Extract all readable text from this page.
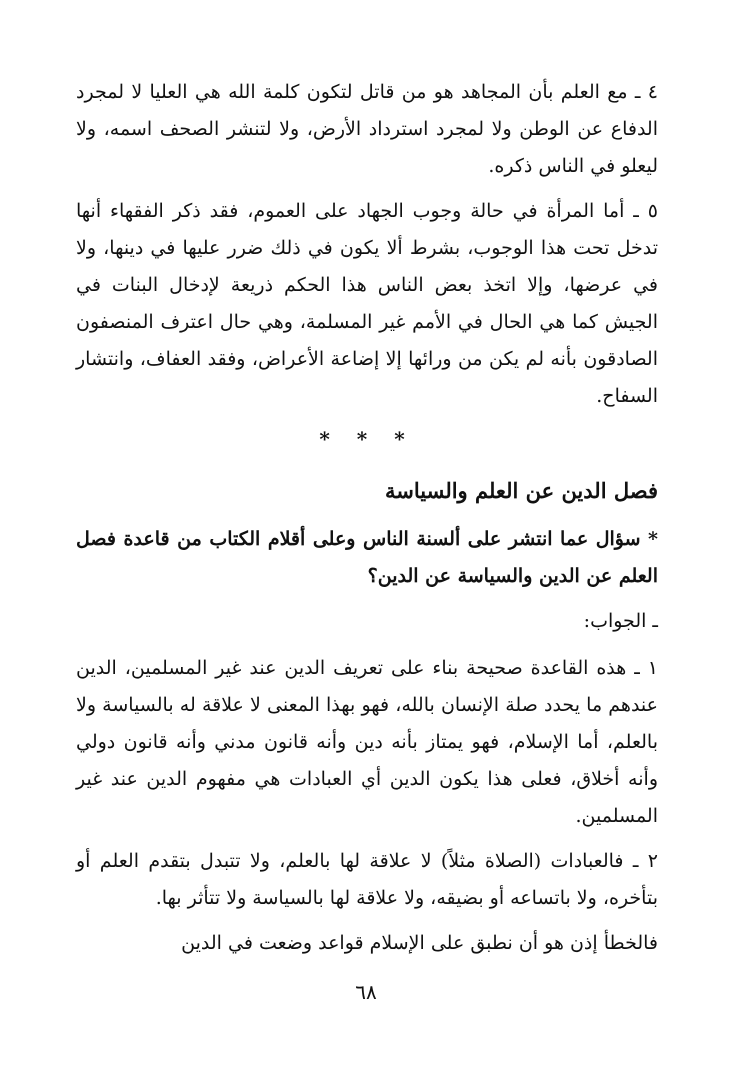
٤ ـ مع العلم بأن المجاهد هو من قاتل لتكون كلمة الله هي العليا لا لمجرد الدفاع عن الوطن ولا لمجرد استرداد الأرض، ولا لتنشر الصحف اسمه، ولا ليعلو في الناس ذكره.

٥ ـ أما المرأة في حالة وجوب الجهاد على العموم، فقد ذكر الفقهاء أنها تدخل تحت هذا الوجوب، بشرط ألا يكون في ذلك ضرر عليها في دينها، ولا في عرضها، وإلا اتخذ بعض الناس هذا الحكم ذريعة لإدخال البنات في الجيش كما هي الحال في الأمم غير المسلمة، وهي حال اعترف المنصفون الصادقون بأنه لم يكن من ورائها إلا إضاعة الأعراض، وفقد العفاف، وانتشار السفاح.

* * *
فصل الدين عن العلم والسياسة
* سؤال عما انتشر على ألسنة الناس وعلى أقلام الكتاب من قاعدة فصل العلم عن الدين والسياسة عن الدين؟
ـ الجواب:

١ ـ هذه القاعدة صحيحة بناء على تعريف الدين عند غير المسلمين، الدين عندهم ما يحدد صلة الإنسان بالله، فهو بهذا المعنى لا علاقة له بالسياسة ولا بالعلم، أما الإسلام، فهو يمتاز بأنه دين وأنه قانون مدني وأنه قانون دولي وأنه أخلاق، فعلى هذا يكون الدين أي العبادات هي مفهوم الدين عند غير المسلمين.

٢ ـ فالعبادات (الصلاة مثلاً) لا علاقة لها بالعلم، ولا تتبدل بتقدم العلم أو بتأخره، ولا باتساعه أو بضيقه، ولا علاقة لها بالسياسة ولا تتأثر بها.

فالخطأ إذن هو أن نطبق على الإسلام قواعد وضعت في الدين

٦٨
